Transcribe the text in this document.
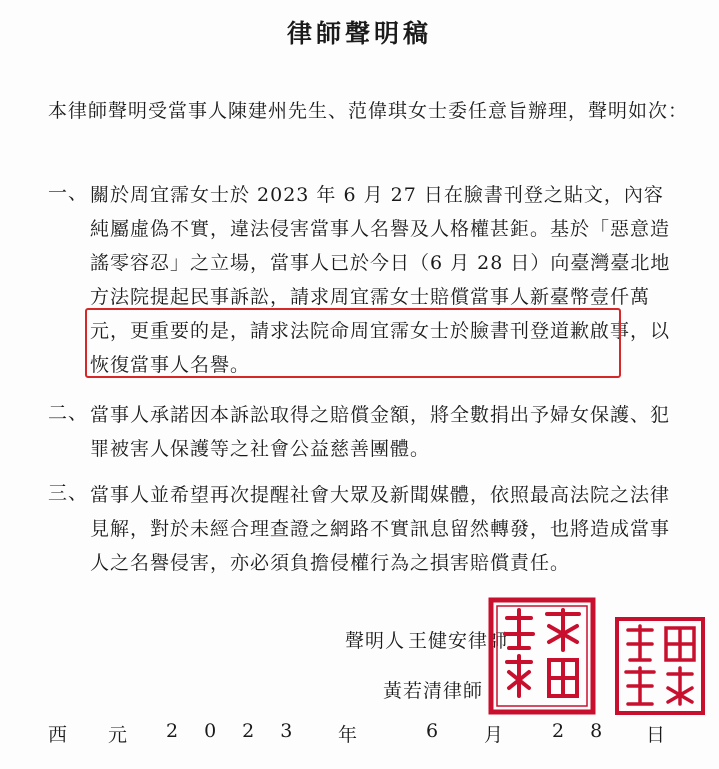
律師聲明稿
本律師聲明受當事人陳建州先生、范偉琪女士委任意旨辦理，聲明如次：
一、 關於周宜霈女士於 2023 年 6 月 27 日在臉書刊登之貼文，內容純屬虛偽不實，違法侵害當事人名譽及人格權甚鉅。基於「惡意造謠零容忍」之立場，當事人已於今日（6 月 28 日）向臺灣臺北地方法院提起民事訴訟，請求周宜霈女士賠償當事人新臺幣壹仟萬元，更重要的是，請求法院命周宜霈女士於臉書刊登道歉啟事，以恢復當事人名譽。
二、 當事人承諾因本訴訟取得之賠償金額，將全數捐出予婦女保護、犯罪被害人保護等之社會公益慈善團體。
三、 當事人並希望再次提醒社會大眾及新聞媒體，依照最高法院之法律見解，對於未經合理查證之網路不實訊息留然轉發，也將造成當事人之名譽侵害，亦必須負擔侵權行為之損害賠償責任。
聲明人 王健安律師
黃若清律師
西 元 2023 年	6 月	28 日
